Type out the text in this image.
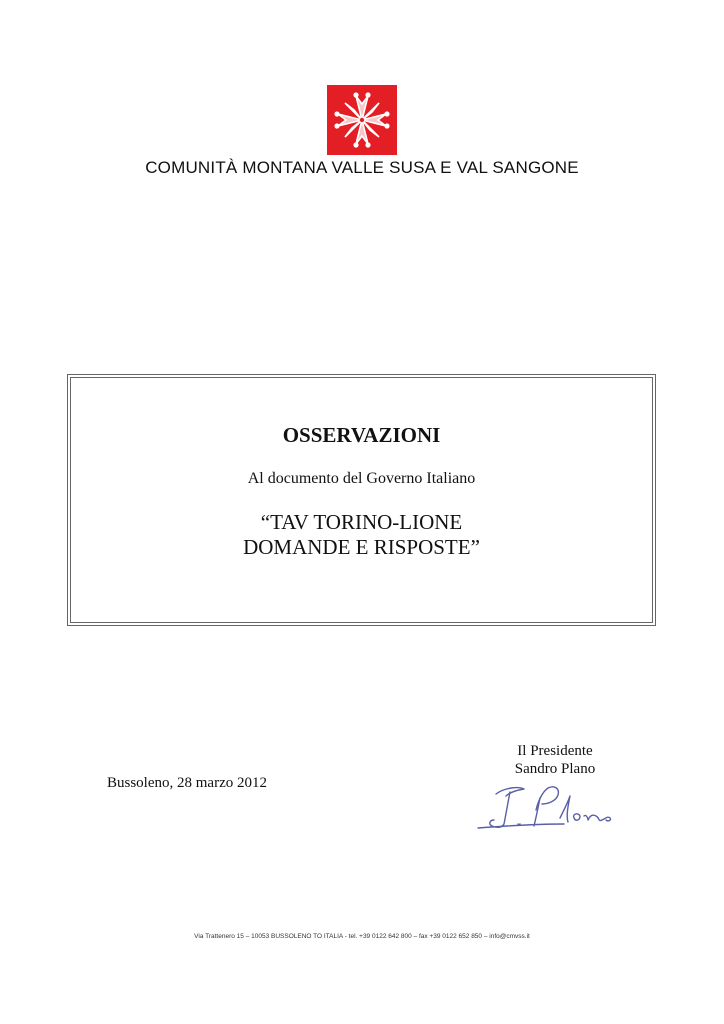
COMUNITÀ MONTANA VALLE SUSA E VAL SANGONE
OSSERVAZIONI
Al documento del Governo Italiano
“TAV TORINO-LIONE
DOMANDE E RISPOSTE”
Bussoleno, 28 marzo 2012
Il Presidente
Sandro Plano
Via Trattenero 15 – 10053 BUSSOLENO TO ITALIA - tel. +39 0122 642 800 – fax +39 0122 652 850 – info@cmvss.it
